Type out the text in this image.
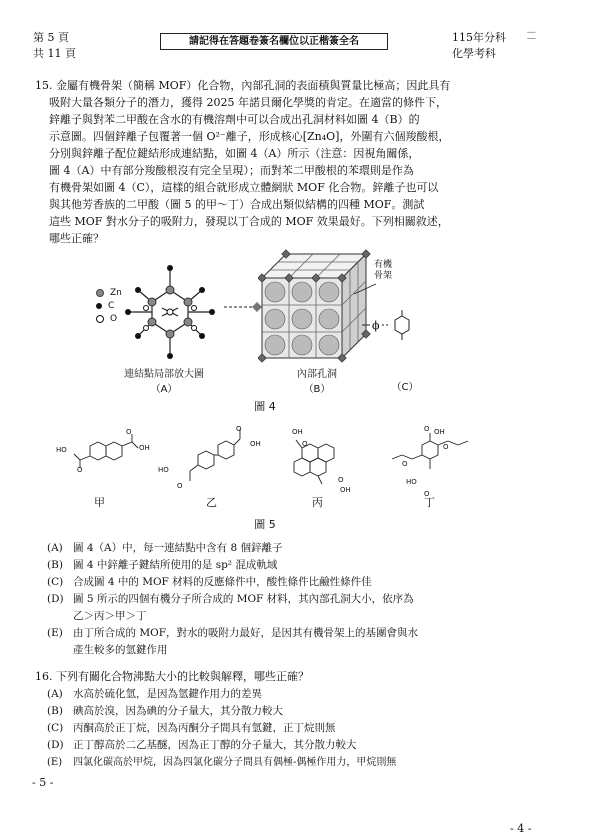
第 5 頁
共 11 頁
請記得在答題卷簽名欄位以正楷簽全名	115年分科
化學考科
│ │
15. 金屬有機骨架（簡稱 MOF）化合物，內部孔洞的表面積與質量比極高；因此具有
吸附大量各類分子的潛力，獲得 2025 年諾貝爾化學獎的肯定。在適當的條件下，
鋅離子與對苯二甲酸在含水的有機溶劑中可以合成出孔洞材料如圖 4（B）的
示意圖。四個鋅離子包覆著一個 O²⁻離子，形成核心[Zn₄O]，外圍有六個羧酸根，
分別與鋅離子配位鍵結形成連結點，如圖 4（A）所示（注意：因視角關係，
圖 4（A）中有部分羧酸根沒有完全呈現）；而對苯二甲酸根的苯環則是作為
有機骨架如圖 4（C），這樣的組合就形成立體網狀 MOF 化合物。鋅離子也可以
與其他芳香族的二甲酸（圖 5 的甲～丁）合成出類似結構的四種 MOF。測試
這些 MOF 對水分子的吸附力，發現以丁合成的 MOF 效果最好。下列相關敘述，
哪些正確？
Zn
C
O
有機
骨架
ϕ
連結點局部放大圖
（A）
內部孔洞
（B）	（C）
圖 4
HO
O
O
OH
HO
O
O
OH
OH
O
O
OH
O OH
O
O
HO
O
甲	乙	丙	丁
圖 5
(A) 圖 4（A）中，每一連結點中含有 8 個鋅離子
(B) 圖 4 中鋅離子鍵結所使用的是 sp² 混成軌域
(C) 合成圖 4 中的 MOF 材料的反應條件中，酸性條件比鹼性條件佳
(D) 圖 5 所示的四個有機分子所合成的 MOF 材料，其內部孔洞大小，依序為
乙＞丙＞甲＞丁
(E) 由丁所合成的 MOF，對水的吸附力最好，是因其有機骨架上的基團會與水
產生較多的氫鍵作用
16. 下列有關化合物沸點大小的比較與解釋，哪些正確？
(A) 水高於硫化氫，是因為氫鍵作用力的差異
(B) 碘高於溴，因為碘的分子量大，其分散力較大
(C) 丙酮高於正丁烷，因為丙酮分子間具有氫鍵，正丁烷則無
(D) 正丁醇高於二乙基醚，因為正丁醇的分子量大，其分散力較大
(E) 四氯化碳高於甲烷，因為四氯化碳分子間具有偶極-偶極作用力，甲烷則無
- 5 -
- 4 -
